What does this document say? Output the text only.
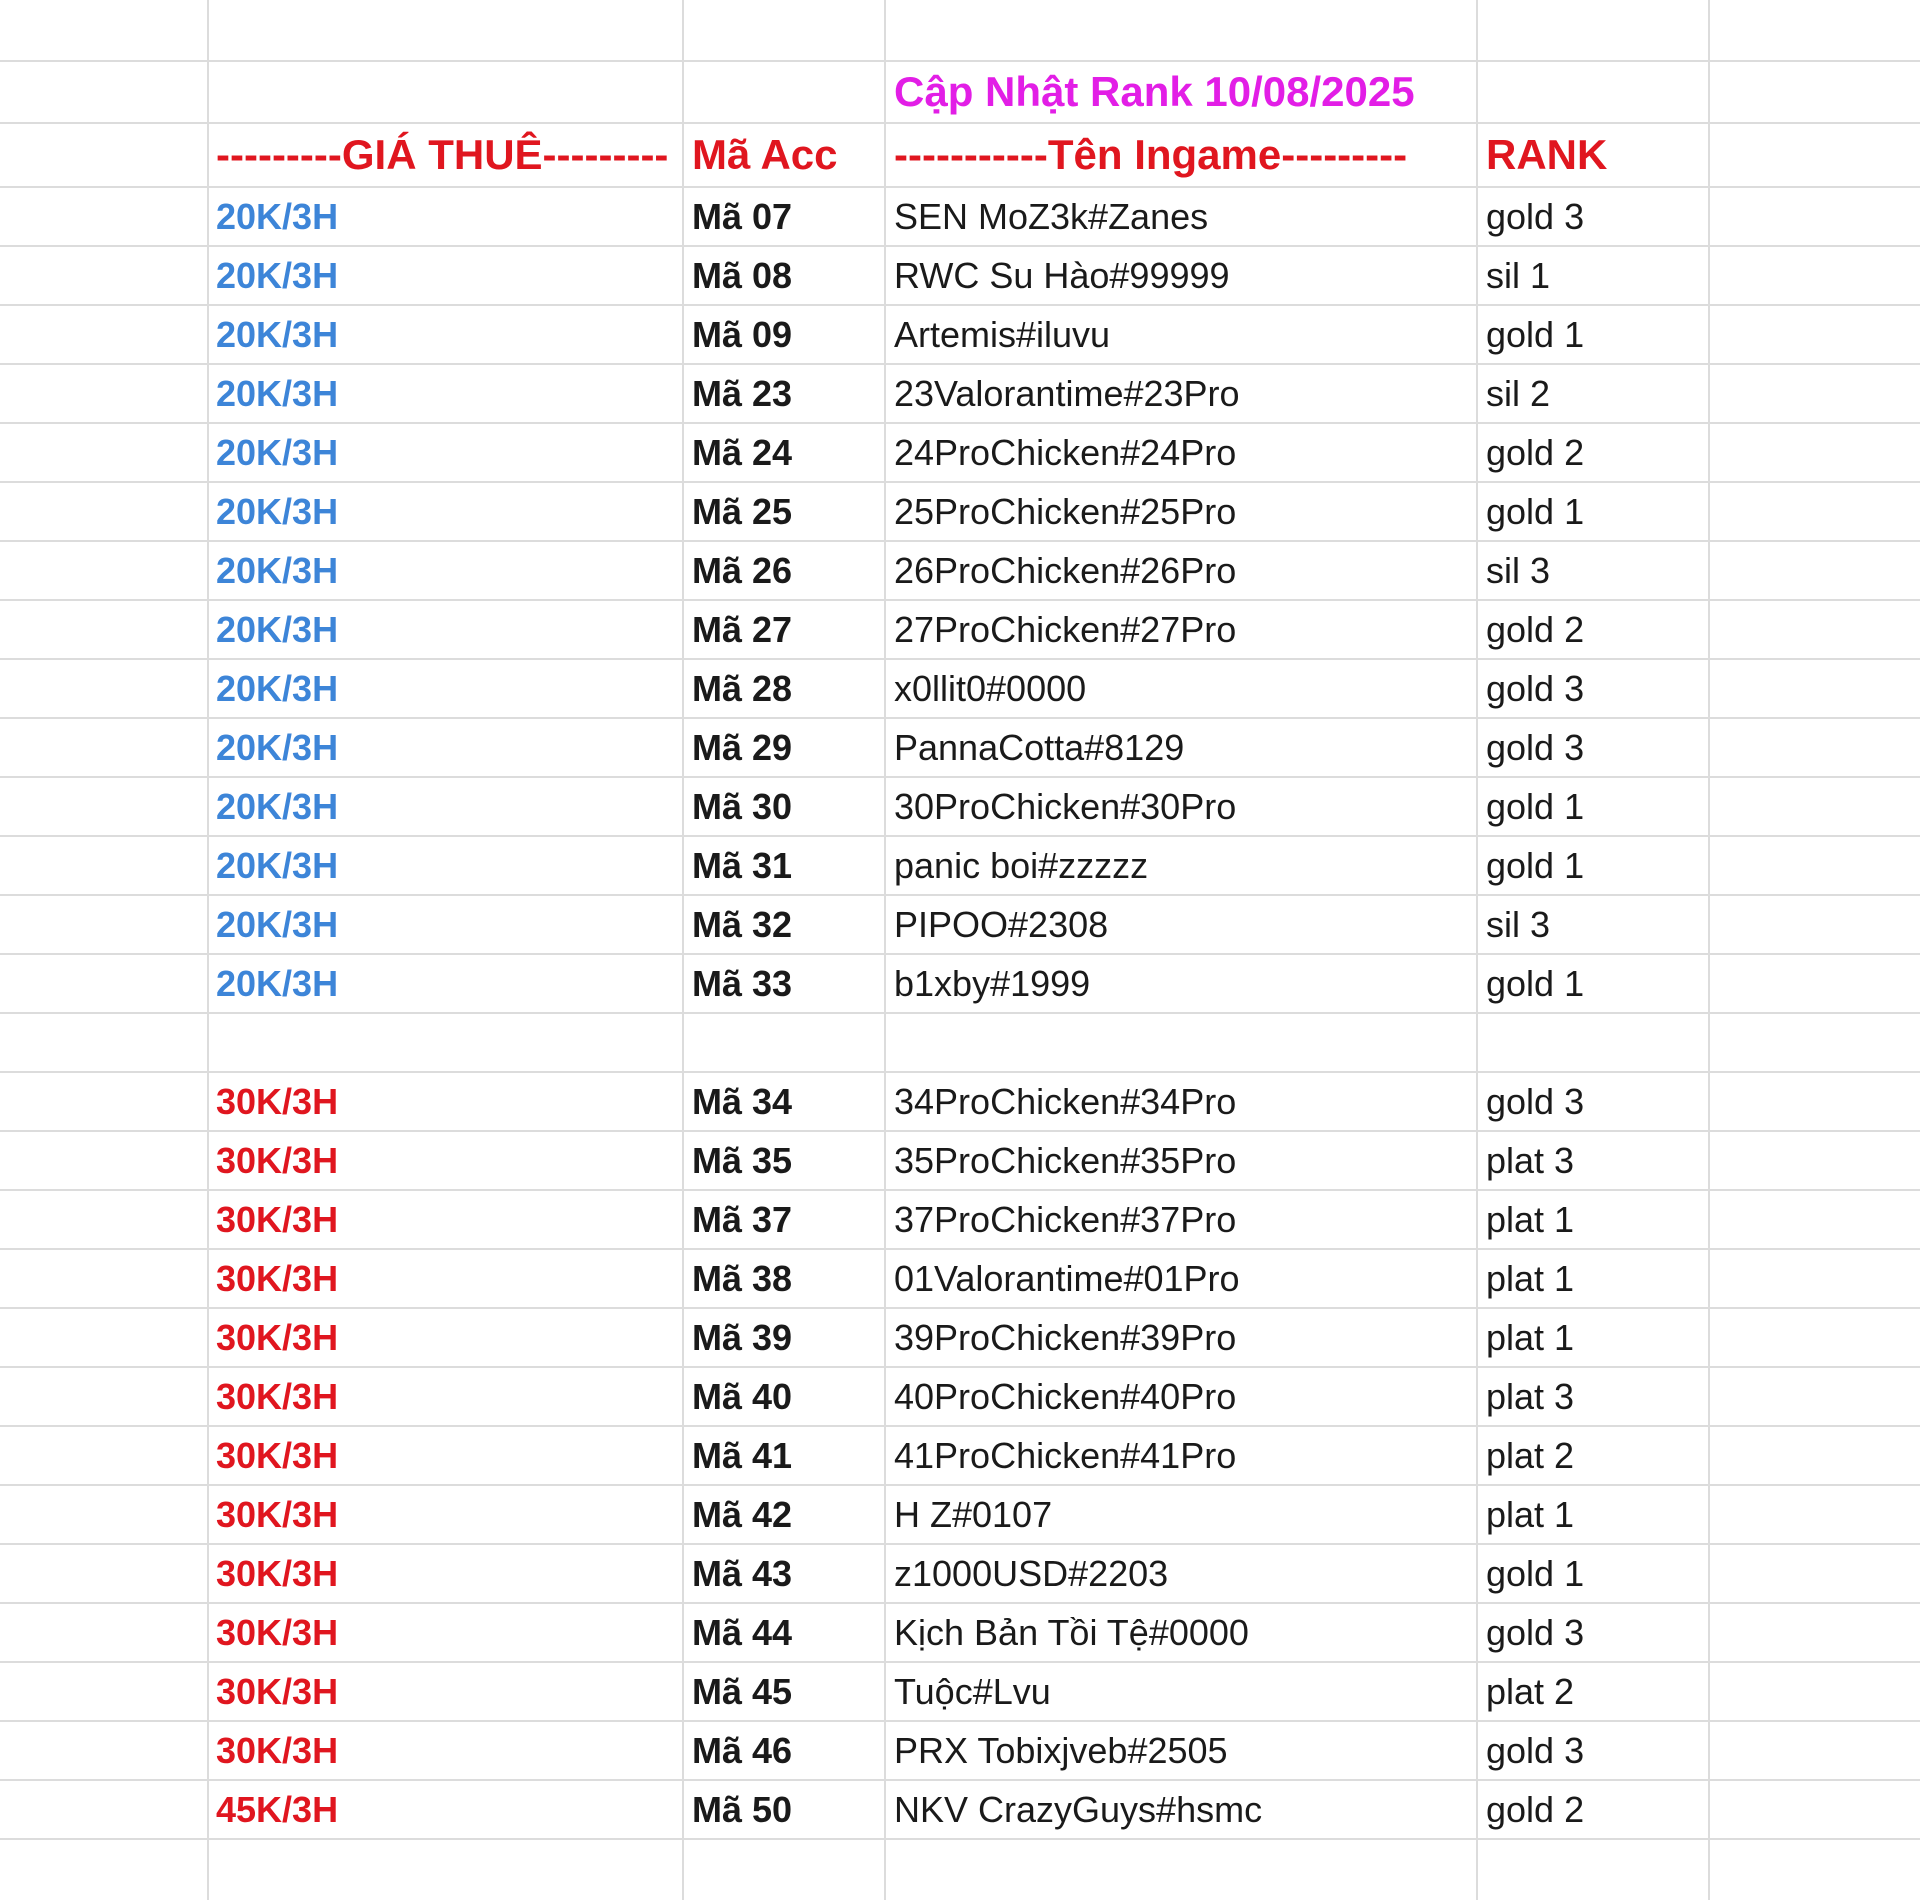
Cập Nhật Rank 10/08/2025
---------GIÁ THUÊ--------- Mã Acc	-----------Tên Ingame---------	RANK
20K/3H	Mã 07	SEN MoZ3k#Zanes	gold 3
20K/3H	Mã 08	RWC Su Hào#99999	sil 1
20K/3H	Mã 09	Artemis#iluvu	gold 1
20K/3H	Mã 23	23Valorantime#23Pro	sil 2
20K/3H	Mã 24	24ProChicken#24Pro	gold 2
20K/3H	Mã 25	25ProChicken#25Pro	gold 1
20K/3H	Mã 26	26ProChicken#26Pro	sil 3
20K/3H	Mã 27	27ProChicken#27Pro	gold 2
20K/3H	Mã 28	x0llit0#0000	gold 3
20K/3H	Mã 29	PannaCotta#8129	gold 3
20K/3H	Mã 30	30ProChicken#30Pro	gold 1
20K/3H	Mã 31	panic boi#zzzzz	gold 1
20K/3H	Mã 32	PIPOO#2308	sil 3
20K/3H	Mã 33	b1xby#1999	gold 1
30K/3H	Mã 34	34ProChicken#34Pro	gold 3
30K/3H	Mã 35	35ProChicken#35Pro	plat 3
30K/3H	Mã 37	37ProChicken#37Pro	plat 1
30K/3H	Mã 38	01Valorantime#01Pro	plat 1
30K/3H	Mã 39	39ProChicken#39Pro	plat 1
30K/3H	Mã 40	40ProChicken#40Pro	plat 3
30K/3H	Mã 41	41ProChicken#41Pro	plat 2
30K/3H	Mã 42	H Z#0107	plat 1
30K/3H	Mã 43	z1000USD#2203	gold 1
30K/3H	Mã 44	Kịch Bản Tồi Tệ#0000	gold 3
30K/3H	Mã 45	Tuộc#Lvu	plat 2
30K/3H	Mã 46	PRX Tobixjveb#2505	gold 3
45K/3H	Mã 50	NKV CrazyGuys#hsmc	gold 2
